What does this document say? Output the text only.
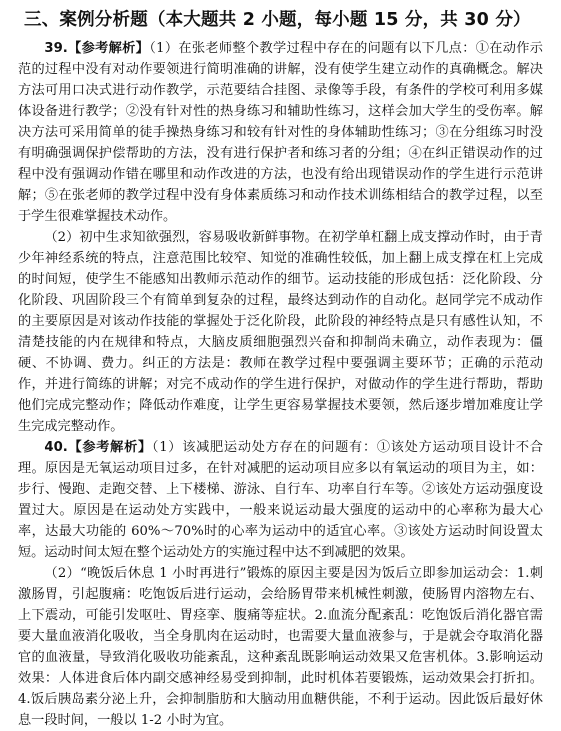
三、案例分析题（本大题共 2 小题，每小题 15 分，共 30 分）

39.【参考解析】（1）在张老师整个教学过程中存在的问题有以下几点：①在动作示范的过程中没有对动作要领进行简明准确的讲解，没有使学生建立动作的真确概念。解决方法可用口决式进行动作教学，示范要结合挂图、录像等手段，有条件的学校可利用多媒体设备进行教学；②没有针对性的热身练习和辅助性练习，这样会加大学生的受伤率。解决方法可采用简单的徒手操热身练习和较有针对性的身体辅助性练习；③在分组练习时没有明确强调保护偿帮助的方法，没有进行保护者和练习者的分组；④在纠正错误动作的过程中没有强调动作错在哪里和动作改进的方法，也没有给出现错误动作的学生进行示范讲解；⑤在张老师的教学过程中没有身体素质练习和动作技术训练相结合的教学过程，以至于学生很难掌握技术动作。

（2）初中生求知欲强烈，容易吸收新鲜事物。在初学单杠翻上成支撑动作时，由于青少年神经系统的特点，注意范围比较窄、知觉的准确性较低，加上翻上成支撑在杠上完成的时间短，使学生不能感知出教师示范动作的细节。运动技能的形成包括：泛化阶段、分化阶段、巩固阶段三个有简单到复杂的过程，最终达到动作的自动化。赵同学完不成动作的主要原因是对该动作技能的掌握处于泛化阶段，此阶段的神经特点是只有感性认知，不清楚技能的内在规律和特点，大脑皮质细胞强烈兴奋和抑制尚未确立，动作表现为：僵硬、不协调、费力。纠正的方法是：教师在教学过程中要强调主要环节；正确的示范动作，并进行简练的讲解；对完不成动作的学生进行保护，对做动作的学生进行帮助，帮助他们完成完整动作；降低动作难度，让学生更容易掌握技术要领，然后逐步增加难度让学生完成完整动作。

40.【参考解析】（1）该减肥运动处方存在的问题有：①该处方运动项目设计不合理。原因是无氧运动项目过多，在针对减肥的运动项目应多以有氧运动的项目为主，如：步行、慢跑、走跑交替、上下楼梯、游泳、自行车、功率自行车等。②该处方运动强度设置过大。原因是在运动处方实践中，一般来说运动最大强度的运动中的心率称为最大心率，达最大功能的 60%～70%时的心率为运动中的适宜心率。③该处方运动时间设置太短。运动时间太短在整个运动处方的实施过程中达不到减肥的效果。

（2）“晚饭后休息 1 小时再进行”锻炼的原因主要是因为饭后立即参加运动会：1.刺激肠胃，引起腹痛：吃饱饭后进行运动，会给肠胃带来机械性刺激，使肠胃内溶物左右、上下震动，可能引发呕吐、胃痉挛、腹痛等症状。2.血流分配紊乱：吃饱饭后消化器官需要大量血液消化吸收，当全身肌肉在运动时，也需要大量血液参与，于是就会夺取消化器官的血液量，导致消化吸收功能紊乱，这种紊乱既影响运动效果又危害机体。3.影响运动效果：人体进食后体内副交感神经易受到抑制，此时机体若要锻炼，运动效果会打折扣。4.饭后胰岛素分泌上升，会抑制脂肪和大脑动用血糖供能，不利于运动。因此饭后最好休息一段时间，一般以 1-2 小时为宜。
